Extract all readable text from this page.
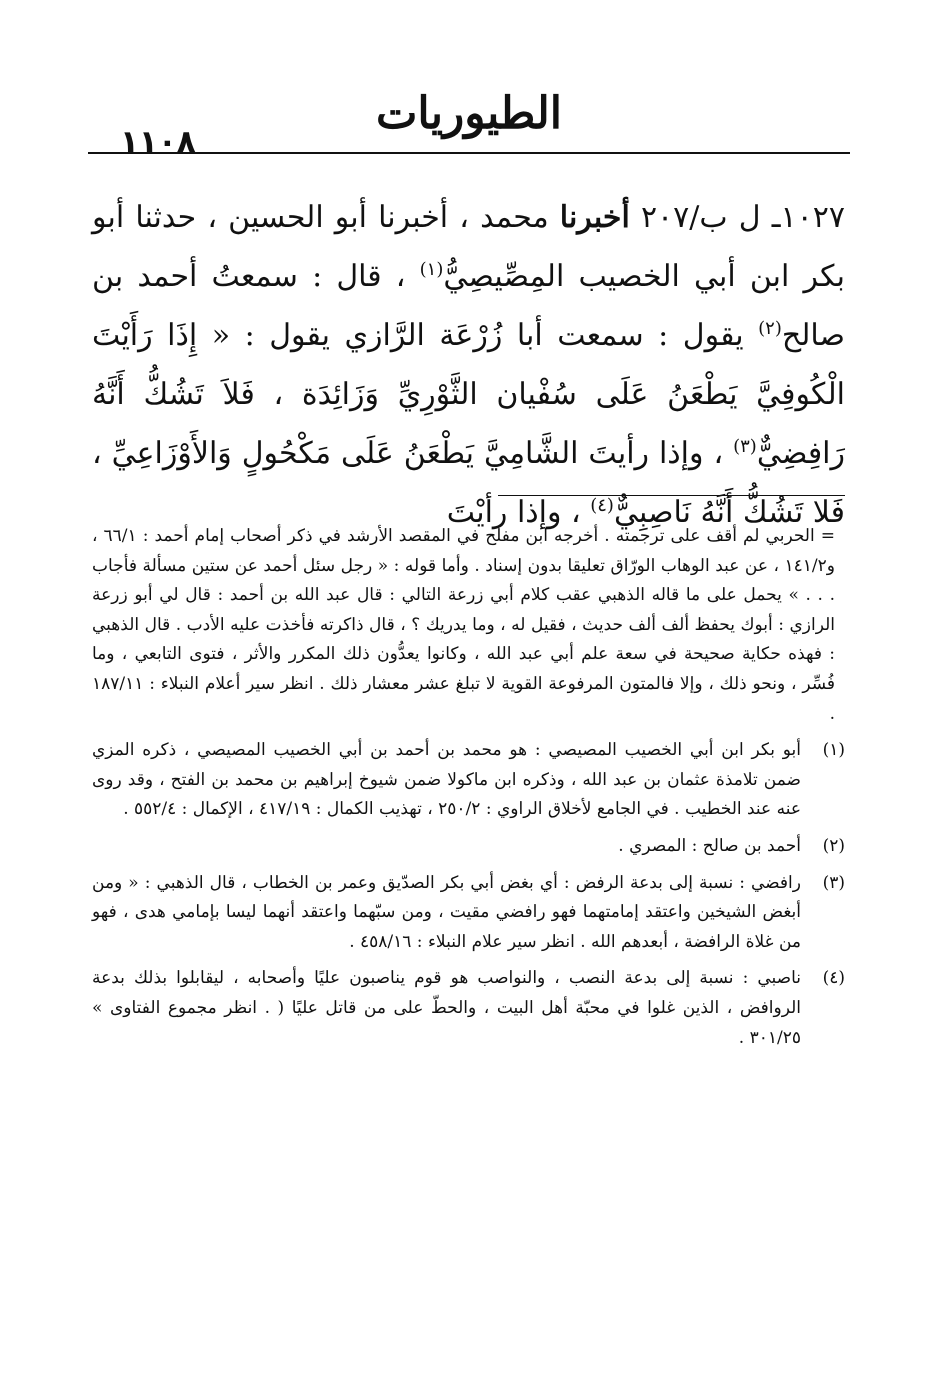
١١٠٨
الطيوريات
١٠٢٧ـ ل ب/٢٠٧ أخبرنا محمد ، أخبرنا أبو الحسين ، حدثنا أبو بكر ابن أبي الخصيب المِصِّيصِيُّ$^{(١)}$ ، قال : سمعتُ أحمد بن صالح$^{(٢)}$ يقول : سمعت أبا زُرْعَة الرَّازي يقول : « إِذَا رَأَيْتَ الْكُوفِيَّ يَطْعَنُ عَلَى سُفْيان الثَّوْرِيِّ وَزَائِدَة ، فَلاَ تَشُكُّ أَنَّهُ رَافِضِيٌّ$^{(٣)}$ ، وإذا رأيتَ الشَّامِيَّ يَطْعَنُ عَلَى مَكْحُولٍ وَالأَوْزَاعِيِّ ، فَلا تَشُكُّ أَنَّهُ نَاصِبِيٌّ$^{(٤)}$ ، وإذا رأيْتَ
= الحربي لم أقف على ترجمته . أخرجه ابن مفلح في المقصد الأرشد في ذكر أصحاب إمام أحمد : ٦٦/١ ، و١٤١/٢ ، عن عبد الوهاب الورّاق تعليقا بدون إسناد . وأما قوله : « رجل سئل أحمد عن ستين مسألة فأجاب . . . » يحمل على ما قاله الذهبي عقب كلام أبي زرعة التالي : قال عبد الله بن أحمد : قال لي أبو زرعة الرازي : أبوك يحفظ ألف ألف حديث ، فقيل له ، وما يدريك ؟ ، قال ذاكرته فأخذت عليه الأدب . قال الذهبي : فهذه حكاية صحيحة في سعة علم أبي عبد الله ، وكانوا يعدُّون ذلك المكرر والأثر ، فتوى التابعي ، وما فُسِّر ، ونحو ذلك ، وإلا فالمتون المرفوعة القوية لا تبلغ عشر معشار ذلك . انظر سير أعلام النبلاء : ١٨٧/١١ .
(١)
أبو بكر ابن أبي الخصيب المصيصي : هو محمد بن أحمد بن أبي الخصيب المصيصي ، ذكره المزي ضمن تلامذة عثمان بن عبد الله ، وذكره ابن ماكولا ضمن شيوخ إبراهيم بن محمد بن الفتح ، وقد روى عنه عند الخطيب . في الجامع لأخلاق الراوي : ٢٥٠/٢ ، تهذيب الكمال : ٤١٧/١٩ ، الإكمال : ٥٥٢/٤ .
(٢)
أحمد بن صالح : المصري .
(٣)
رافضي : نسبة إلى بدعة الرفض : أي بغض أبي بكر الصدّيق وعمر بن الخطاب ، قال الذهبي : « ومن أبغض الشيخين واعتقد إمامتهما فهو رافضي مقيت ، ومن سبّهما واعتقد أنهما ليسا بإمامي هدى ، فهو من غلاة الرافضة ، أبعدهم الله . انظر سير علام النبلاء : ٤٥٨/١٦ .
(٤)
ناصبي : نسبة إلى بدعة النصب ، والنواصب هو قوم يناصبون عليًا وأصحابه ، ليقابلوا بذلك بدعة الروافض ، الذين غلوا في محبّة أهل البيت ، والحطّ على من قاتل عليًا ( . انظر مجموع الفتاوى » ٣٠١/٢٥ .
